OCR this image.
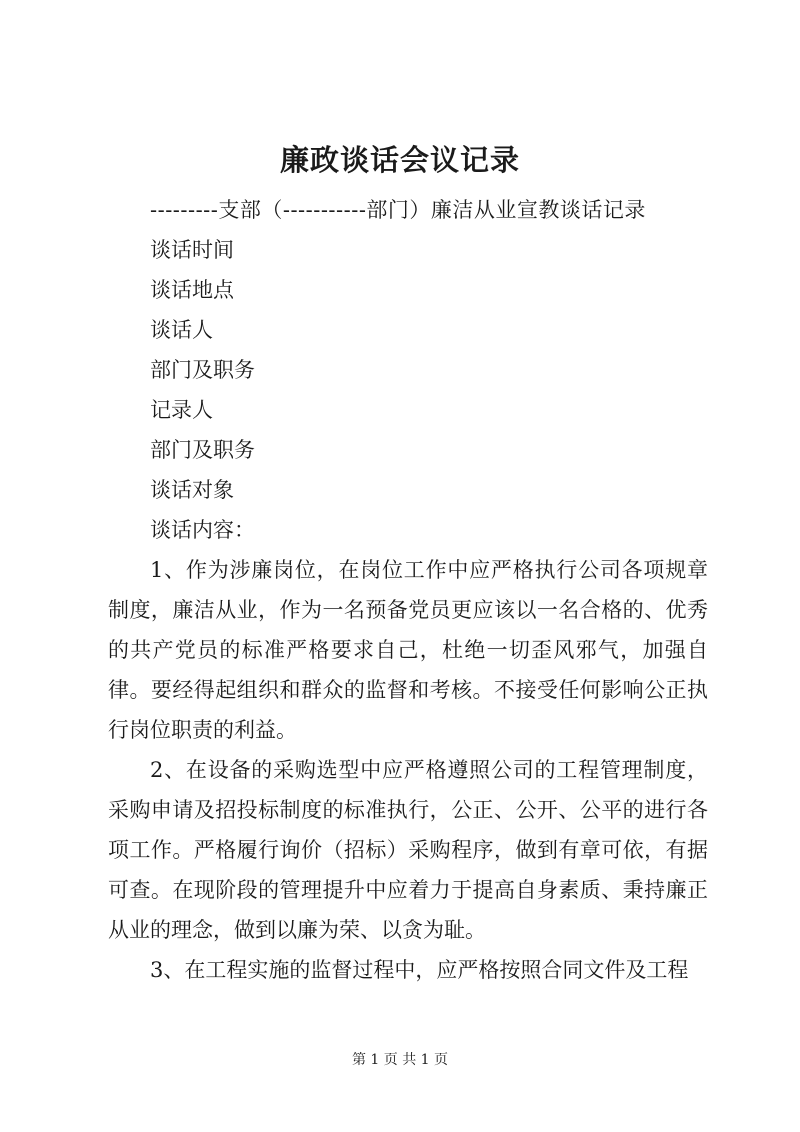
廉政谈话会议记录
---------支部（-----------部门）廉洁从业宣教谈话记录
谈话时间
谈话地点
谈话人
部门及职务
记录人
部门及职务
谈话对象
谈话内容：

1、作为涉廉岗位，在岗位工作中应严格执行公司各项规章制度，廉洁从业，作为一名预备党员更应该以一名合格的、优秀的共产党员的标准严格要求自己，杜绝一切歪风邪气，加强自律。要经得起组织和群众的监督和考核。不接受任何影响公正执行岗位职责的利益。

2、在设备的采购选型中应严格遵照公司的工程管理制度，采购申请及招投标制度的标准执行，公正、公开、公平的进行各项工作。严格履行询价（招标）采购程序，做到有章可依，有据可查。在现阶段的管理提升中应着力于提高自身素质、秉持廉正从业的理念，做到以廉为荣、以贪为耻。

3、在工程实施的监督过程中，应严格按照合同文件及工程

第 1 页 共 1 页
